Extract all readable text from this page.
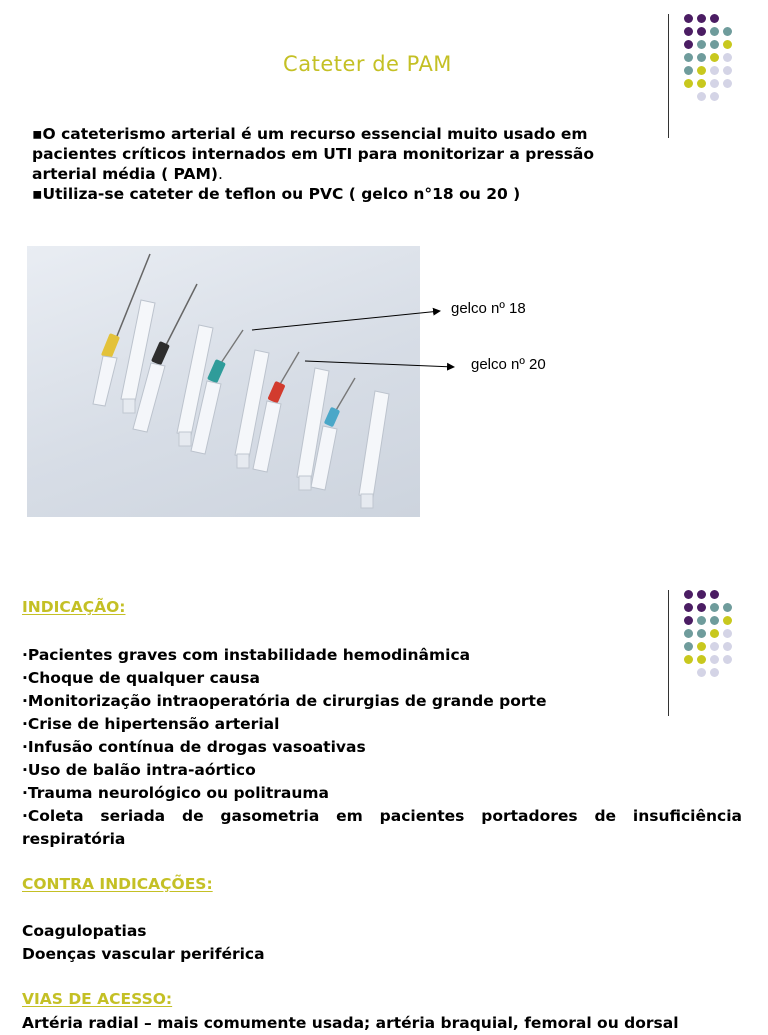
Cateter de PAM

▪O cateterismo arterial é um recurso essencial muito usado em pacientes críticos internados em UTI para monitorizar a pressão arterial média ( PAM).

▪Utiliza-se cateter de teflon ou PVC ( gelco n°18 ou 20 )

gelco nº 18
gelco nº 20
INDICAÇÃO:
·Pacientes graves com instabilidade hemodinâmica
·Choque de qualquer causa
·Monitorização intraoperatória de cirurgias de grande porte
·Crise de hipertensão arterial
·Infusão contínua de drogas vasoativas
·Uso de balão intra-aórtico
·Trauma neurológico ou politrauma
·Coleta seriada de gasometria em pacientes portadores de insuficiência respiratória
CONTRA INDICAÇÕES:
Coagulopatias
Doenças vascular periférica
VIAS DE ACESSO:
Artéria radial – mais comumente usada; artéria braquial, femoral ou dorsal
